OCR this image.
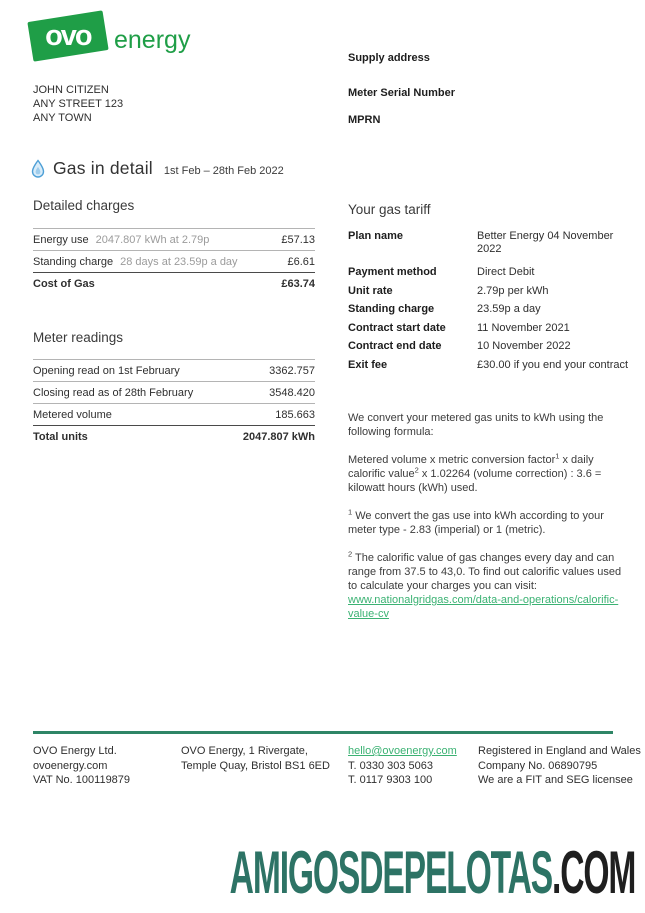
ovo energy
JOHN CITIZEN
ANY STREET 123
ANY TOWN
Supply address
Meter Serial Number
MPRN
Gas in detail 1st Feb – 28th Feb 2022
Detailed charges
Energy use 2047.807 kWh at 2.79p	£57.13
Standing charge 28 days at 23.59p a day	£6.61
Cost of Gas	£63.74
Meter readings
Opening read on 1st February	3362.757
Closing read as of 28th February	3548.420
Metered volume	185.663
Total units	2047.807 kWh
Your gas tariff
Plan name	Better Energy 04 November 2022
Payment method	Direct Debit
Unit rate	2.79p per kWh
Standing charge	23.59p a day
Contract start date	11 November 2021
Contract end date	10 November 2022
Exit fee	£30.00 if you end your contract

We convert your metered gas units to kWh using the following formula:

Metered volume x metric conversion factor$^1$ x daily calorific value$^2$ x 1.02264 (volume correction) : 3.6 = kilowatt hours (kWh) used.

$^1$ We convert the gas use into kWh according to your meter type - 2.83 (imperial) or 1 (metric).

$^2$ The calorific value of gas changes every day and can range from 37.5 to 43,0. To find out calorific values used to calculate your charges you can visit:
www.nationalgridgas.com/data-and-operations/calorific-value-cv

OVO Energy Ltd.
ovoenergy.com
VAT No. 100119879
OVO Energy, 1 Rivergate,
Temple Quay, Bristol BS1 6ED
hello@ovoenergy.com
T. 0330 303 5063
T. 0117 9303 100
Registered in England and Wales
Company No. 06890795
We are a FIT and SEG licensee
AMIGOSDEPELOTAS.COM
